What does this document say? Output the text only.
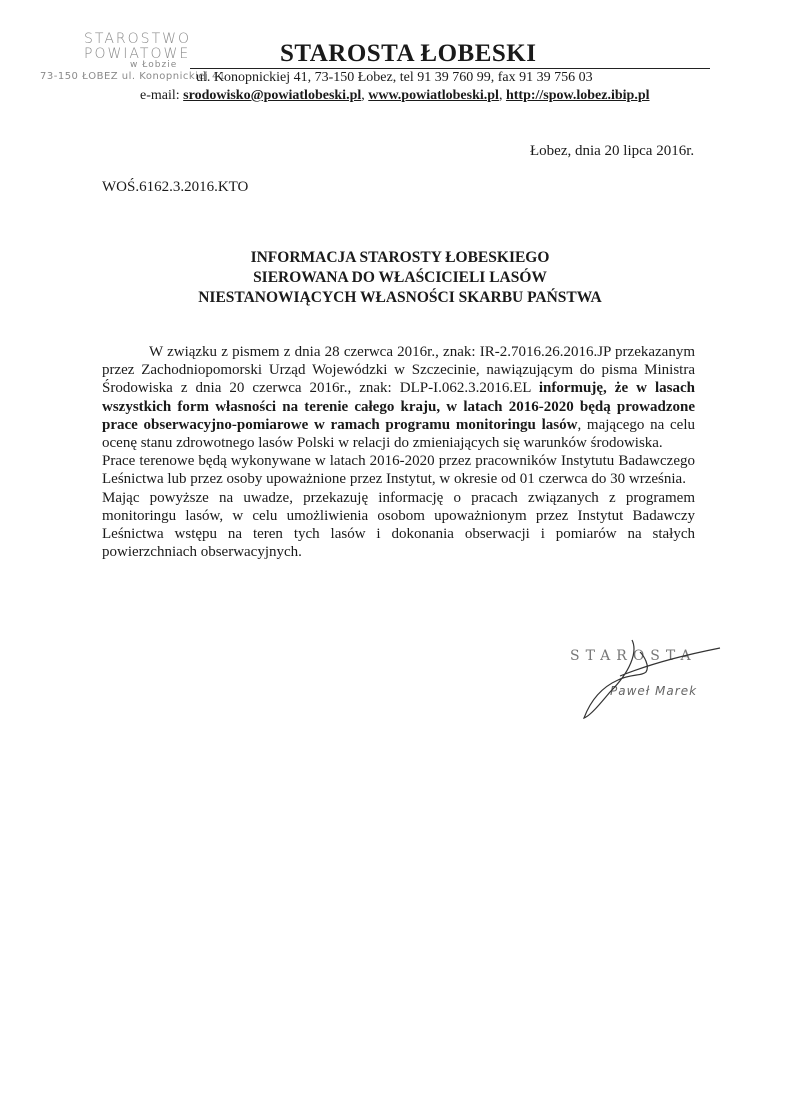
STAROSTWO
POWIATOWE
w Łobzie
73-150 ŁOBEZ ul. Konopnickiej 41
STAROSTA ŁOBESKI
ul. Konopnickiej 41, 73-150 Łobez, tel 91 39 760 99, fax 91 39 756 03
e-mail: srodowisko@powiatlobeski.pl, www.powiatlobeski.pl, http://spow.lobez.ibip.pl
Łobez, dnia 20 lipca 2016r.
WOŚ.6162.3.2016.KTO
INFORMACJA STAROSTY ŁOBESKIEGO
SIEROWANA DO WŁAŚCICIELI LASÓW
NIESTANOWIĄCYCH WŁASNOŚCI SKARBU PAŃSTWA

W związku z pismem z dnia 28 czerwca 2016r., znak: IR-2.7016.26.2016.JP przekazanym przez Zachodniopomorski Urząd Wojewódzki w Szczecinie, nawiązującym do pisma Ministra Środowiska z dnia 20 czerwca 2016r., znak: DLP-I.062.3.2016.EL informuję, że w lasach wszystkich form własności na terenie całego kraju, w latach 2016-2020 będą prowadzone prace obserwacyjno-pomiarowe w ramach programu monitoringu lasów, mającego na celu ocenę stanu zdrowotnego lasów Polski w relacji do zmieniających się warunków środowiska.

Prace terenowe będą wykonywane w latach 2016-2020 przez pracowników Instytutu Badawczego Leśnictwa lub przez osoby upoważnione przez Instytut, w okresie od 01 czerwca do 30 września.

Mając powyższe na uwadze, przekazuję informację o pracach związanych z programem monitoringu lasów, w celu umożliwienia osobom upoważnionym przez Instytut Badawczy Leśnictwa wstępu na teren tych lasów i dokonania obserwacji i pomiarów na stałych powierzchniach obserwacyjnych.

STAROSTA
Paweł Marek
